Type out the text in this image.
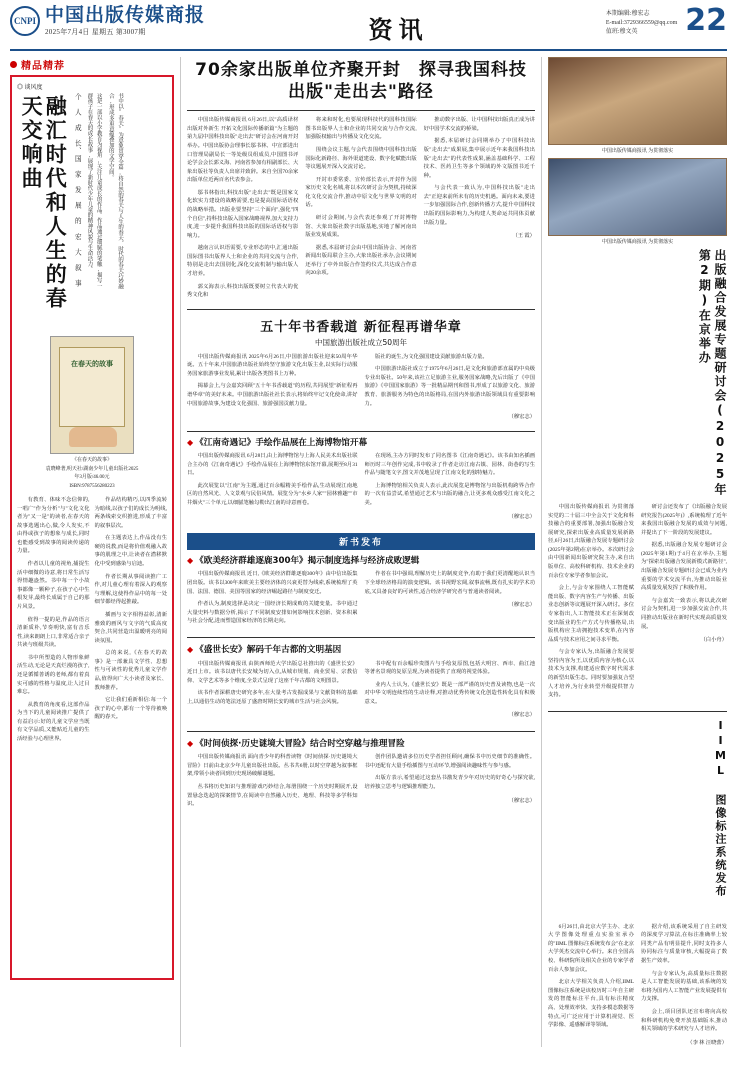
CNPI 中国出版传媒商报
2025年7月4日 星期五 第3007期	资讯
本期编辑:穆宏志
E-mail:3729366559@qq.com
值班:穆文英	22
精品精荐
◎ 谈风度
融汇时代和人生的春天交响曲	个 人 成 长、国 家 发 展 的 宏 大 叙 事	这是一部以小学教育为视角,关注儿童成长的作品。作品通过细腻的笔触,描写一群孩子在春天的成长故事,展现了新时代少年儿童的精神风貌与生命活力。	书中以"春天"为意象贯穿全篇,将自然的春天与人生的春天、时代的春天巧妙融合,形成多重意蕴叠加的文学空间。
在春天的故事
《在春天的故事》
袁晓峰著,明天社/湖南少年儿童出版社2025
年3月版/46.00元
ISBN:9787556280223

有教育、体味不念信仰的,一唱广"作为分析"与"文化文化者为"又一是"的读者,在春天的故事选题出心,做,令人发实,不由得或孩子的想象与成长,同时也能感受到故事的阅读传递的力量。

作者以儿童的视角,捕捉生活中细微的诗意,将日常生活写得情趣盎然。书中每一个小故事都像一颗种子,在孩子心中生根发芽,最终长成属于自己的那片风景。

值得一提的是,作品的语言清新质朴,节奏明快,富有音乐性,读来朗朗上口,非常适合亲子共读与班级共读。

书中所塑造的人物形象鲜活生动,无论是天真烂漫的孩子,还是循循善诱的老师,都有着真实可感的性格与温度,让人过目难忘。

从教育的角度看,这部作品为当下的儿童阅读推广提供了有益启示:好的儿童文学应当既有文学品质,又能贴近儿童的生活经验与心理世界。

作品结构精巧,以四季流转为暗线,以孩子们的成长为明线,两条线索交织推进,形成了丰富的叙事层次。

在主题表达上,作品没有生硬的说教,而是将价值观融入故事的肌理之中,让读者在潜移默化中受到感染与启迪。

作者长期从事阅读推广工作,对儿童心理有着深入的观察与理解,这使得作品中的每一处细节都经得起推敲。

插画与文字相得益彰,清新雅致的画风与文字的气质高度契合,共同营造出温暖明亮的阅读氛围。

总的来说,《在春天的故事》是一部兼具文学性、思想性与可读性的优秀儿童文学作品,值得向广大小读者及家长、教师推荐。

它让我们重新相信:每一个孩子的心中,都有一个等待被唤醒的春天。

70余家出版单位齐聚开封　探寻我国科技出版"走出去"路径

中国出版传媒商报讯 6月26日,以"高质译材出版对外新生 开拓文化国际传播新篇"为主题的第九届中国科技出版"走出去"研讨会在河南开封举办。中国出版协会理事长邬书林、中宣部进出口管理局副局长一等处级员组成员,中国图书评论学会会长郭义海、河南省参加有相副部长、大象出版社等负责人出席并致辞。来自全国70余家出版单位近两百名代表参会。

邬书林指出,科技出版"走出去"既是国家文化软实力建设的战略需要,也是提高国际话语权的战略举措。出版业要坚持"三个面向",强化"四个自信",持科技出版入国家战略视界,加大支持力度,进一步提升我国科技出版的国际话语权与影响力。

越南言认识语需要,专业形态的中,汇通出版国际图书出版界人士和企业的共同交流与合作,特别是走出去国别化,深化交流机制与输出版人才培养。

郭义海表示,科技出版既要树立代表大的优秀文化和

将来和时化,也要展现科技代的国科技国际图书出版界人士和企业的共同交流与合作交流,加强版权输出与传播及文化交流。

围绕会议主题,与会代表围绕中国科技出版国际化新路径、海外渠道建设、数字化赋能出版等议题展开深入交流讨论。

开封市委常委、宣传部长表示,开封作为国家历史文化名城,将以本次研讨会为契机,持续深化文化交流合作,推动中原文化与世界文明的对话。

研讨会期间,与会代表还参观了开封博物馆、大象出版社数字出版基地,实地了解河南出版业发展成果。

据悉,本届研讨会由中国出版协会、河南省新闻出版局联合主办,大象出版社承办,会议期间还举行了中外出版合作签约仪式,共达成合作意向20余项。

推动数字出版、让中国科技出版真正成为讲好中国学术交流的桥梁。

据悉,本届研讨会同期举办了中国科技出版"走出去"成果展,集中展示近年来我国科技出版"走出去"的代表性成果,涵盖基础科学、工程技术、医药卫生等多个领域的外文版图书近千种。

与会代表一致认为,中国科技出版"走出去"正迎来前所未有的历史机遇。面向未来,要进一步加强国际合作,创新传播方式,提升中国科技出版的国际影响力,为构建人类命运共同体贡献出版力量。

（王 霞）

五十年书香载道 新征程再谱华章
中国旅游出版社成立50周年

中国出版传媒商报讯 2025年6月26日,中国旅游出版社迎来50周年华诞。五十年来,中国旅游出版社始终坚守旅游文化出版主业,以实际行动服务国家旅游事业发展,累计出版各类图书上万种。

揭幕会上,与会嘉宾回顾"五十年书香载道"的历程,共同展望"新征程再谱华章"的美好未来。中国旅游出版社社长表示,将始终牢记文化使命,讲好中国旅游故事,为建设文化强国、旅游强国贡献力量。

版社的诞生,为文化强国建设贡献旅游出版力量。

中国旅游出版社成立于1975年6月26日,是文化和旅游部直属的中央级专业出版社。50年来,该社立足旅游主业,服务国家战略,先后出版了《中国旅游》《中国国家旅游》等一批精品期刊和图书,形成了以旅游文化、旅游教育、旅游服务为特色的出版格局,在国内外旅游出版领域具有重要影响力。

（穆宏志）

◆ 《江南奇遇记》手绘作品展在上海博物馆开幕

中国出版传媒商报讯 6月28日,由上海博物馆与上海人民美术出版社联合主办的《江南奇遇记》手绘作品展在上海博物馆东馆开幕,展期至8月31日。

此次展览以"江南"为主题,通过百余幅精美手绘作品,生动展现江南地区的自然风光、人文景观与民俗风情。展览分为"水乡人家""园林雅趣""市井烟火"三个单元,以细腻笔触勾勒出江南的诗意画卷。

在现场,主办方同时发布了同名图书《江南奇遇记》。该书由知名插画师历时三年创作完成,书中收录了作者走访江南古镇、园林、街巷的写生作品与随笔文字,图文并茂地呈现了江南文化的独特魅力。

上海博物馆相关负责人表示,此次展览是博物馆与出版机构跨界合作的一次有益尝试,希望通过艺术与出版的融合,让更多观众感受江南文化之美。

（穆宏志）

新书发布
◆ 《欧美经济群雄逐鹿300年》揭示制度选择与经济成败逻辑

中国出版传媒商报讯 近日,《欧美经济群雄逐鹿300年》由中信出版集团出版。该书以300年来欧美主要经济体的兴衰更替为线索,系统梳理了英国、法国、德国、美国等国家的经济崛起路径与制度变迁。

作者认为,制度选择是决定一国经济长期成败的关键变量。书中通过大量史料与数据分析,揭示了不同制度安排如何影响技术创新、资本积累与社会分配,进而塑造国家经济的长期走向。

作者在书中强调,理解历史上的制度竞争,有助于我们更清醒地认识当下全球经济格局的演变逻辑。该书视野宏阔,叙事流畅,既有扎实的学术功底,又具备良好的可读性,适合经济学研究者与普通读者阅读。

（穆宏志）

◆ 《盛世长安》解码千年古都的文明基因

中国出版传媒商报讯 由陕西师范大学出版总社推出的《盛世长安》近日上市。该书以唐代长安城为切入点,从城市规划、商业贸易、宗教信仰、文学艺术等多个维度,全景式呈现了这座千年古都的文明图景。

该书作者深耕唐史研究多年,在大量考古发掘成果与文献资料的基础上,以通俗生动的笔法还原了盛唐时期长安的城市生活与社会风貌。

书中配有百余幅珍贵图片与手绘复原图,包括大明宫、西市、曲江池等著名景观的复原呈现,为读者提供了直观的视觉体验。

业内人士认为,《盛世长安》既是一部严谨的历史普及读物,也是一次对中华文明连续性的生动诠释,对推动优秀传统文化创造性转化具有积极意义。

（穆宏志）

◆ 《时间侦探·历史谜境大冒险》结合时空穿越与推理冒险

中国出版传媒商报讯 面向青少年的科普读物《时间侦探·历史谜境大冒险》日前由北京少年儿童出版社出版。丛书共6册,以时空穿越为叙事框架,带领小读者回到历史现场破解谜题。

丛书将历史知识与推理游戏巧妙结合,每册围绕一个历史时期展开,设置悬念迭起的探案情节,在阅读中自然融入历史、地理、科技等多学科知识。

创作团队邀请多位历史学者担任顾问,确保书中历史细节的准确性。书中还配有大量手绘插图与互动环节,增强阅读趣味性与参与感。

出版方表示,希望通过这套丛书激发青少年对历史的好奇心与探究欲,培养独立思考与逻辑推理能力。

（穆宏志）

中国出版传媒商报讯 为贯彻落实
中国出版传媒商报讯 为贯彻落实
出版融合发展专题研讨会(2025年第2期)在京举办

中国出版传媒商报讯 为贯彻落实党的二十届三中全会关于文化和科技融合的重要部署,加强出版融合发展研究,探索出版业高质量发展新路径,6月26日,出版融合发展专题研讨会(2025年第2期)在京举办。本次研讨会由中国新闻出版研究院主办,来自出版单位、高校科研机构、技术企业的百余位专家学者参加会议。

会上,与会专家围绕人工智能赋能出版、数字内容生产与传播、出版业态创新等议题展开深入研讨。多位专家指出,人工智能技术正在深刻改变出版业的生产方式与传播格局,出版机构应主动拥抱技术变革,在内容品质与技术应用之间寻求平衡。

与会专家认为,出版融合发展要坚持内容为王,以优质内容为核心,以技术为支撑,构建适应数字时代需求的新型出版生态。同时要加强复合型人才培养,为行业转型升级提供智力支持。

研讨会还发布了《出版融合发展研究报告(2025年)》,系统梳理了近年来我国出版融合发展的成效与问题,并提出了下一阶段的发展建议。

据悉,出版融合发展专题研讨会(2025年第1期)于4月在京举办,主题为"探索出版融合发展新模式新路径",出版融合发展专题研讨会已成为业内重要的学术交流平台,为推动出版业高质量发展发挥了积极作用。

与会嘉宾一致表示,将以此次研讨会为契机,进一步加强交流合作,共同推动出版业在新时代实现高质量发展。

（白小舟）

IIML 图像标注系统发布

6月26日,由北京大学主办、北京大学图像处理重点实验室承办的"IIML 图像标注系统发布会"在北京大学英杰交流中心举行。来自全国高校、科研院所及相关企业的专家学者百余人参加会议。

北京大学相关负责人介绍,IIML 图像标注系统是该校历时三年自主研发的智能标注平台,具有标注精度高、处理效率快、支持多模态数据等特点,可广泛应用于计算机视觉、医学影像、遥感解译等领域。

据介绍,该系统采用了自主研发的深度学习算法,在标注准确率上较同类产品有明显提升,同时支持多人协同标注与质量审核,大幅提高了数据生产效率。

与会专家认为,高质量标注数据是人工智能发展的基础,该系统的发布将为国内人工智能产业发展提供有力支撑。

会上,项目团队还宣布将向高校和科研机构免费开放基础版本,推动相关领域的学术研究与人才培养。

（李 林 汪晓蕾）
